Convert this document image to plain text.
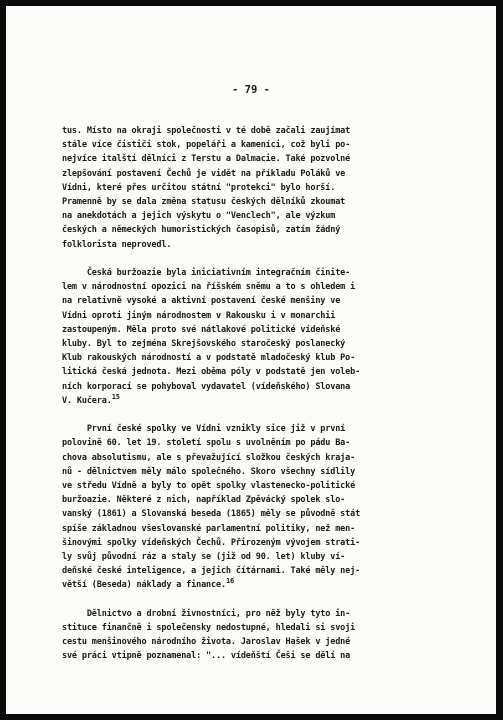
- 79 -
tus. Místo na okraji společnosti v té době začali zaujímat
stále více čističi stok, popeláři a kameníci, což byli po-
nejvíce italští dělníci z Terstu a Dalmacie. Také pozvolné
zlepšování postavení Čechů je vidět na příkladu Poláků ve
Vídni, které přes určitou státní "protekci" bylo horší.
Pramenně by se dala změna statusu českých dělníků zkoumat
na anekdotách a jejich výskytu o "Venclech", ale výzkum
českých a německých humoristických časopisů, zatím žádný
folklorista neprovedl.
Česká buržoazie byla iniciativním integračním činite-
lem v národnostní opozici na říšském sněmu a to s ohledem i
na relativně vysoké a aktivní postavení české menšiny ve
Vídni oproti jiným národnostem v Rakousku i v monarchii
zastoupeným. Měla proto své nátlakové politické vídeňské
kluby. Byl to zejména Skrejšovského staročeský poslanecký
Klub rakouských národností a v podstatě mladočeský klub Po-
litická česká jednota. Mezi oběma póly v podstatě jen voleb-
ních korporací se pohyboval vydavatel (vídeňského) Slovana
V. Kučera.$^{15}$
První české spolky ve Vídni vznikly sice již v první
polovině 60. let 19. století spolu s uvolněním po pádu Ba-
chova absolutismu, ale s převažující složkou českých kraja-
nů - dělnictvem měly málo společného. Skoro všechny sídlily
ve středu Vídně a byly to opět spolky vlastenecko-politické
buržoazie. Některé z nich, například Zpěvácký spolek slo-
vanský (1861) a Slovanská beseda (1865) měly se původně stát
spíše základnou všeslovanské parlamentní politiky, než men-
šinovými spolky vídeňských Čechů. Přirozeným vývojem strati-
ly svůj původní ráz a staly se (již od 90. let) kluby ví-
deňské české inteligence, a jejich čítárnami. Také měly nej-
větší (Beseda) náklady a finance.$^{16}$
Dělnictvo a drobní živnostníci, pro něž byly tyto in-
stituce finančně i společensky nedostupné, hledali si svoji
cestu menšinového národního života. Jaroslav Hašek v jedné
své práci vtipně poznamenal: "... vídeňští Češi se dělí na
